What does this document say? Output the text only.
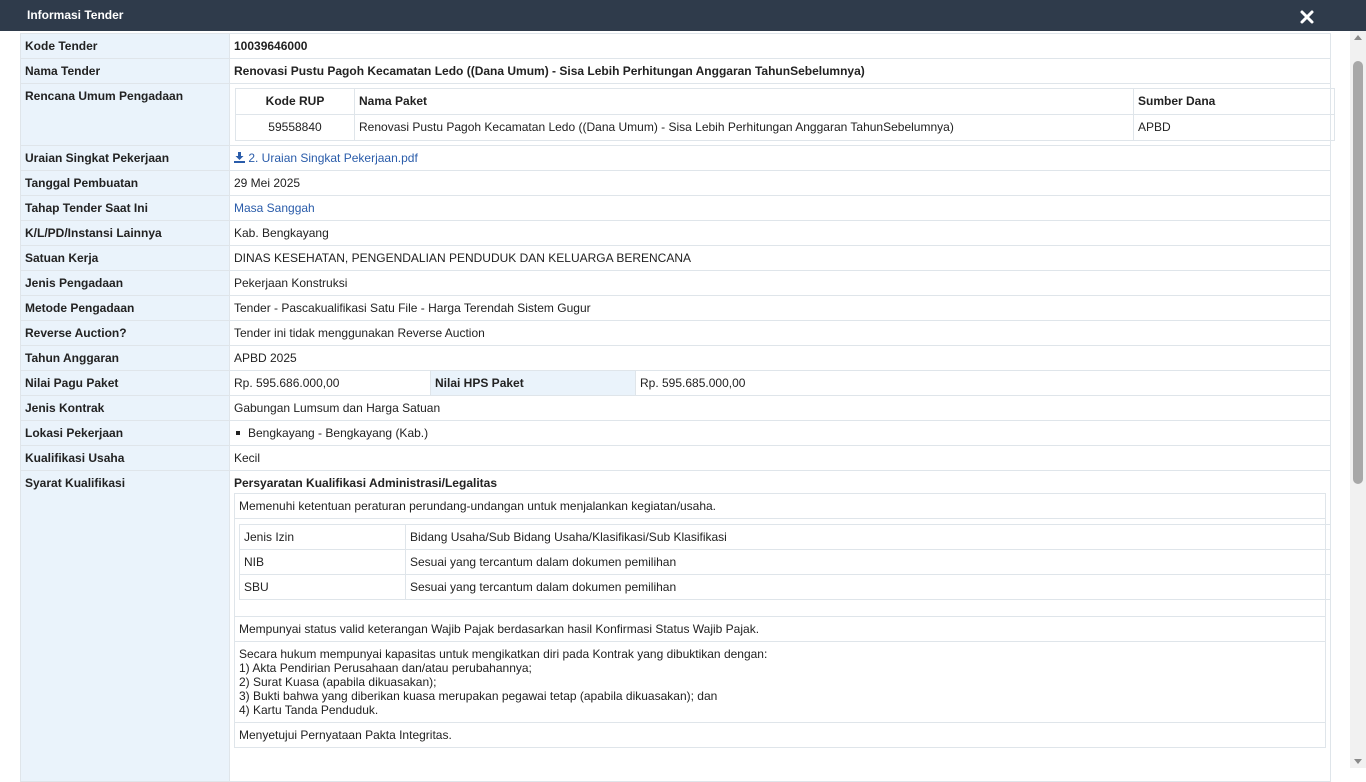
Informasi Tender
Kode Tender	10039646000
Nama Tender	Renovasi Pustu Pagoh Kecamatan Ledo ((Dana Umum) - Sisa Lebih Perhitungan Anggaran TahunSebelumnya)
Rencana Umum Pengadaan		Kode RUP	Nama Paket	Sumber Dana
59558840	Renovasi Pustu Pagoh Kecamatan Ledo ((Dana Umum) - Sisa Lebih Perhitungan Anggaran TahunSebelumnya)	APBD

Uraian Singkat Pekerjaan	2. Uraian Singkat Pekerjaan.pdf
Tanggal Pembuatan	29 Mei 2025
Tahap Tender Saat Ini	Masa Sanggah
K/L/PD/Instansi Lainnya	Kab. Bengkayang
Satuan Kerja	DINAS KESEHATAN, PENGENDALIAN PENDUDUK DAN KELUARGA BERENCANA
Jenis Pengadaan	Pekerjaan Konstruksi
Metode Pengadaan	Tender - Pascakualifikasi Satu File - Harga Terendah Sistem Gugur
Reverse Auction?	Tender ini tidak menggunakan Reverse Auction
Tahun Anggaran	APBD 2025
Nilai Pagu Paket	Rp. 595.686.000,00	Nilai HPS Paket	Rp. 595.685.000,00

Jenis Kontrak	Gabungan Lumsum dan Harga Satuan
Lokasi Pekerjaan	Bengkayang - Bengkayang (Kab.)
Kualifikasi Usaha	Kecil
Syarat Kualifikasi	Persyaratan Kualifikasi Administrasi/Legalitas
Memenuhi ketentuan peraturan perundang-undangan untuk menjalankan kegiatan/usaha.
Jenis Izin	Bidang Usaha/Sub Bidang Usaha/Klasifikasi/Sub Klasifikasi
NIB	Sesuai yang tercantum dalam dokumen pemilihan
SBU	Sesuai yang tercantum dalam dokumen pemilihan
Mempunyai status valid keterangan Wajib Pajak berdasarkan hasil Konfirmasi Status Wajib Pajak.
Secara hukum mempunyai kapasitas untuk mengikatkan diri pada Kontrak yang dibuktikan dengan:
1) Akta Pendirian Perusahaan dan/atau perubahannya;
2) Surat Kuasa (apabila dikuasakan);
3) Bukti bahwa yang diberikan kuasa merupakan pegawai tetap (apabila dikuasakan); dan
4) Kartu Tanda Penduduk.
Menyetujui Pernyataan Pakta Integritas.
